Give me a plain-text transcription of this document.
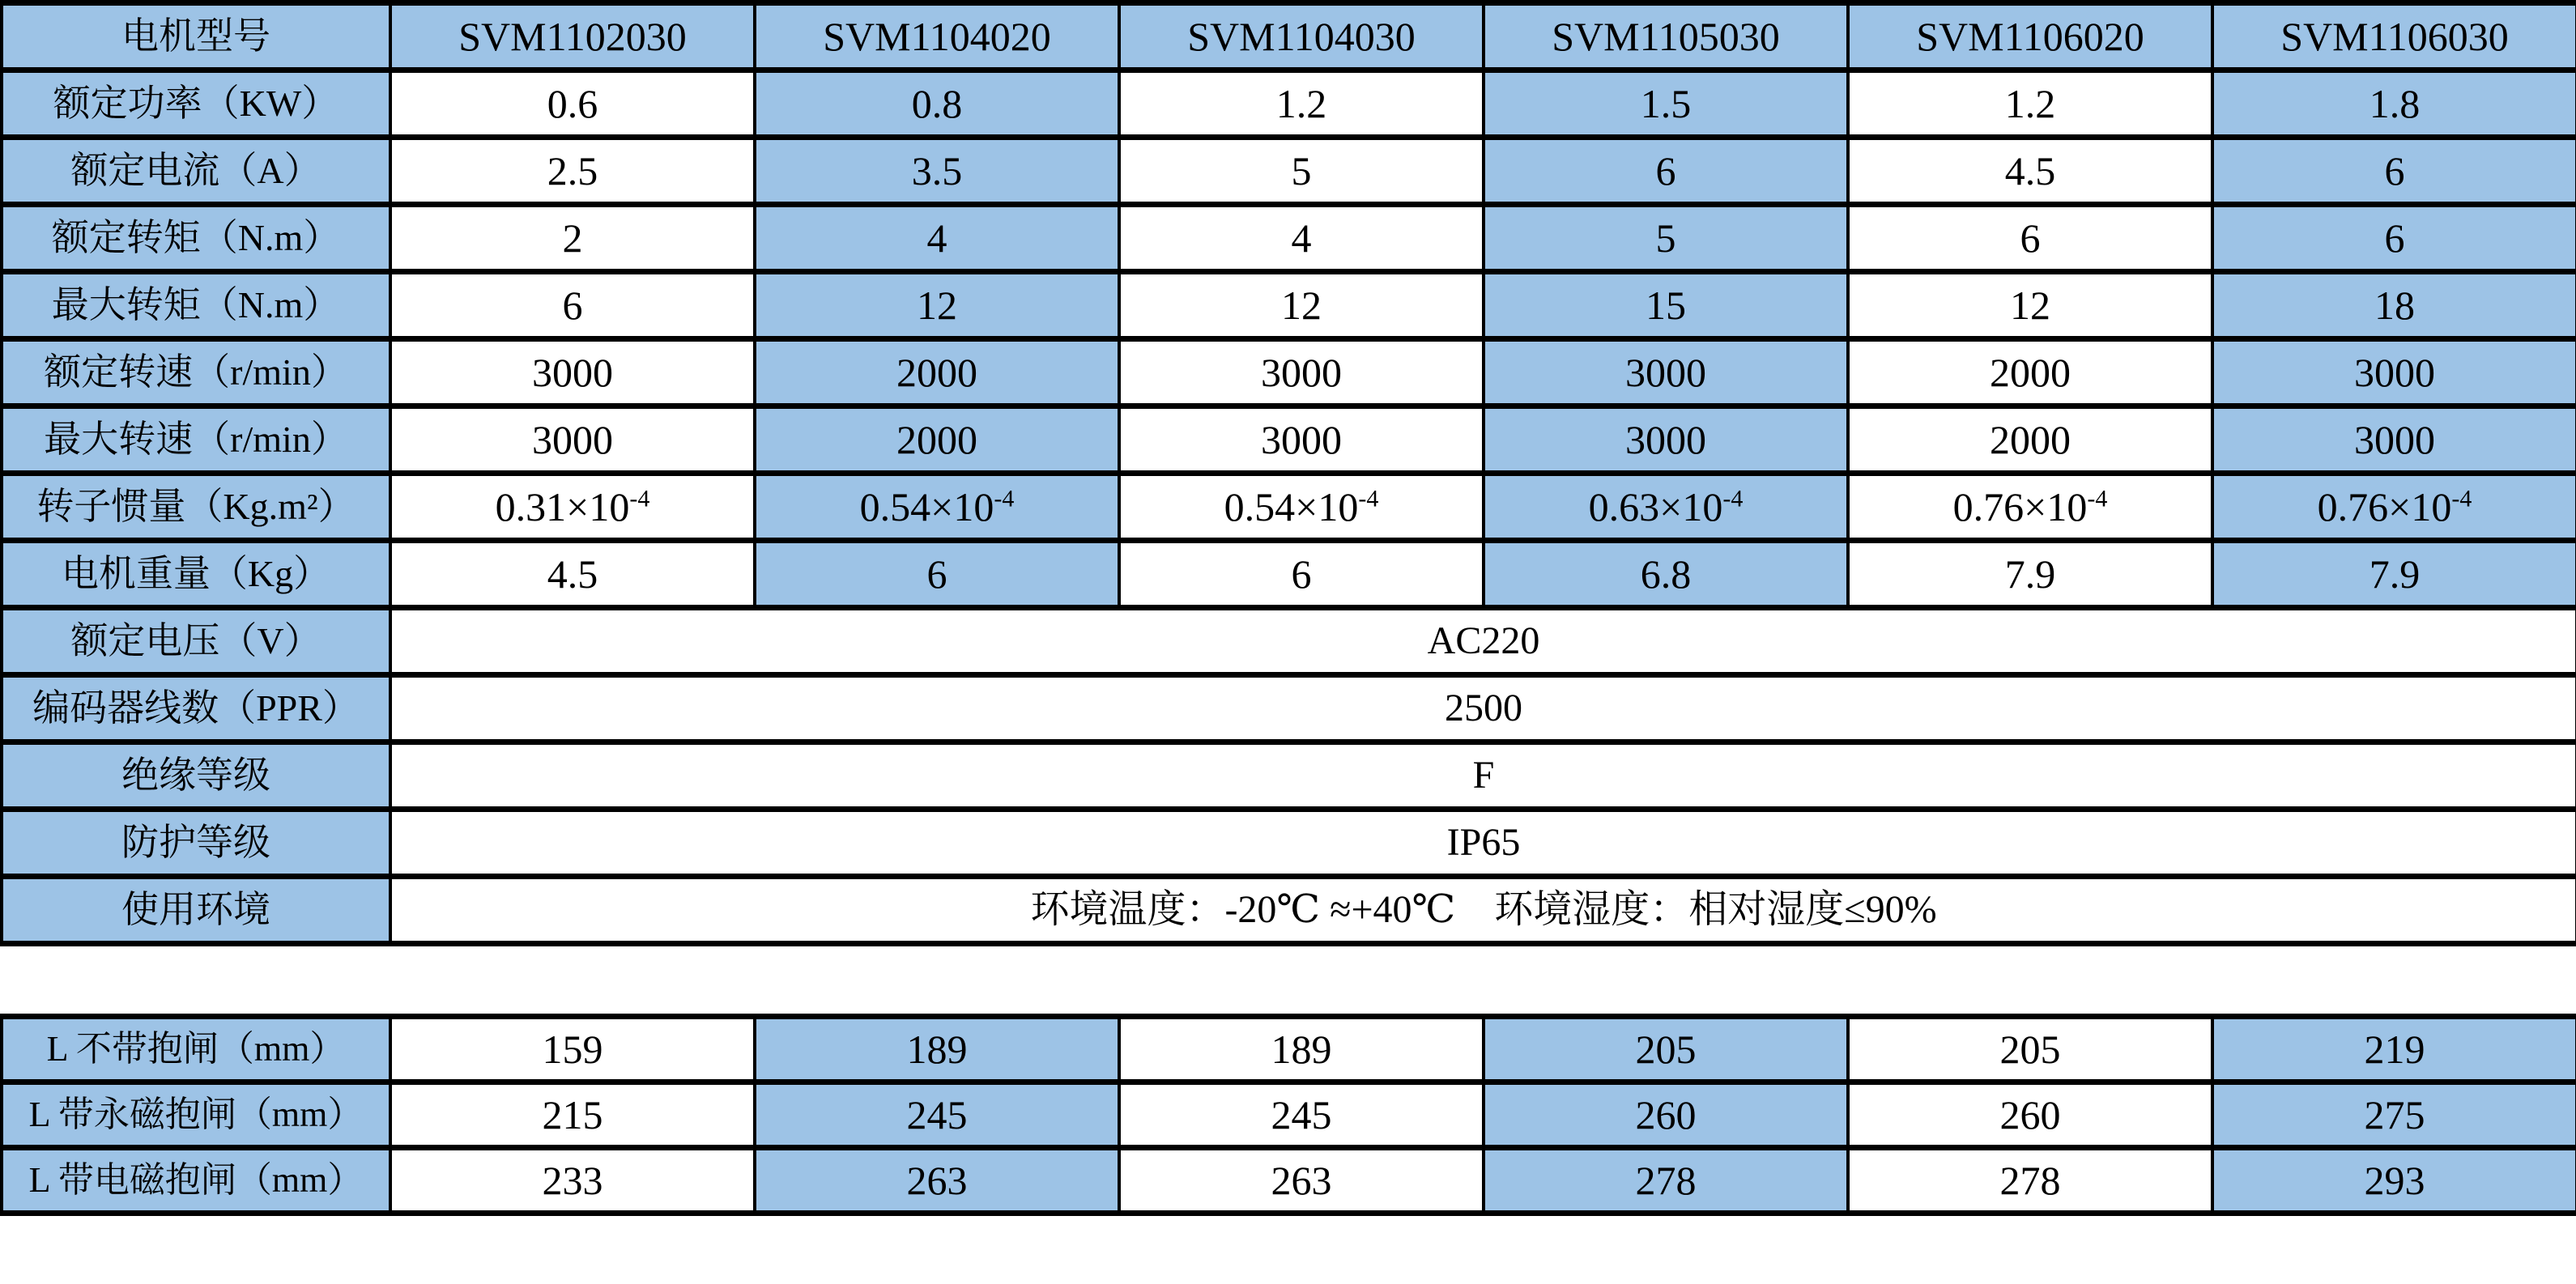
电机型号	SVM1102030	SVM1104020	SVM1104030	SVM1105030	SVM1106020	SVM1106030
额定功率（KW）	0.6	0.8	1.2	1.5	1.2	1.8
额定电流（A）	2.5	3.5	5	6	4.5	6
额定转矩（N.m）	2	4	4	5	6	6
最大转矩（N.m）	6	12	12	15	12	18
额定转速（r/min）	3000	2000	3000	3000	2000	3000
最大转速（r/min）	3000	2000	3000	3000	2000	3000
转子惯量（Kg.m²）	$0.31\times 10^{-4}$	$0.54\times 10^{-4}$	$0.54\times 10^{-4}$	$0.63\times 10^{-4}$	$0.76\times 10^{-4}$	$0.76\times 10^{-4}$
电机重量（Kg）	4.5	6	6	6.8	7.9	7.9
额定电压（V）	AC220					
编码器线数（PPR）	2500					
绝缘等级	F					
防护等级	IP65					
使用环境	环境温度：-20℃ ≈+40℃　环境湿度：相对湿度≤90%					
L 不带抱闸（mm）	159	189	189	205	205	219
L 带永磁抱闸（mm）	215	245	245	260	260	275
L 带电磁抱闸（mm）	233	263	263	278	278	293
